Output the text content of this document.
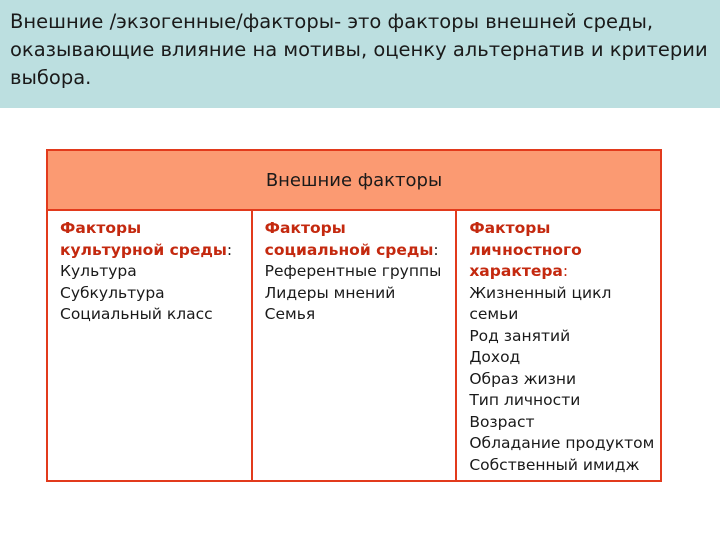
Внешние /экзогенные/факторы- это факторы внешней среды, оказывающие влияние на мотивы, оценку альтернатив и критерии выбора.

Внешние факторы

Факторы
культурной среды:
Культура
Субкультура
Социальный класс

Факторы
социальной среды:
Референтные группы
Лидеры мнений
Семья

Факторы
личностного
характера:
Жизненный цикл
семьи
Род занятий
Доход
Образ жизни
Тип личности
Возраст
Обладание продуктом
Собственный имидж
